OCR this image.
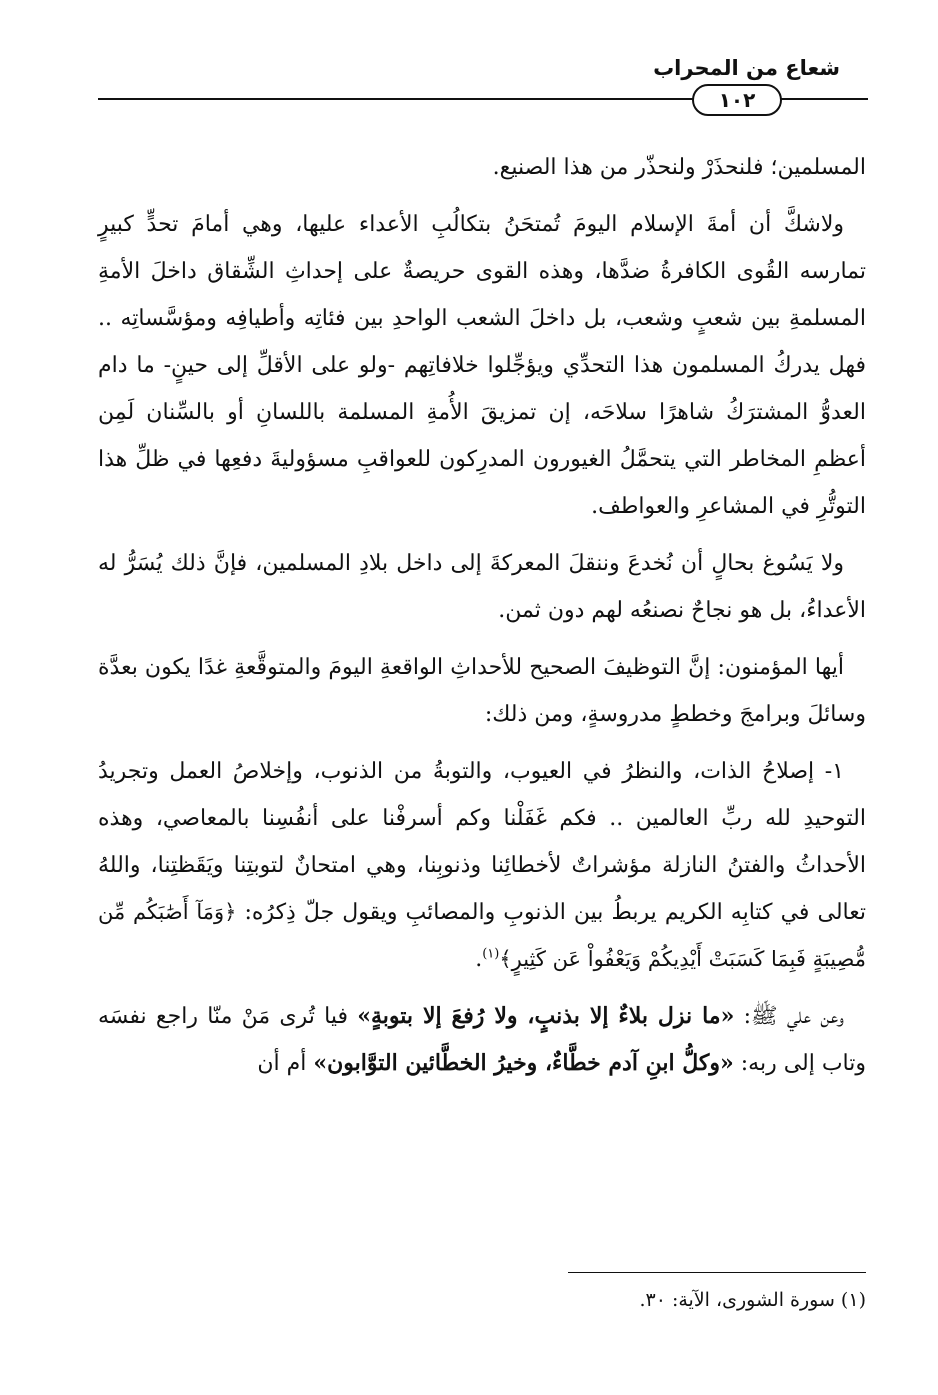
شعاع من المحراب
١٠٢

المسلمين؛ فلنحذَرْ ولنحذّر من هذا الصنيع.

ولاشكَّ أن أمةَ الإسلام اليومَ تُمتحَنُ بتكالُبِ الأعداء عليها، وهي أمامَ تحدٍّ كبيرٍ تمارسه القُوى الكافرةُ ضدَّها، وهذه القوى حريصةٌ على إحداثِ الشِّقاق داخلَ الأمةِ المسلمةِ بين شعبٍ وشعب، بل داخلَ الشعب الواحدِ بين فئاتِه وأطيافِه ومؤسَّساتِه .. فهل يدركُ المسلمون هذا التحدِّي ويؤجِّلوا خلافاتِهم -ولو على الأقلِّ إلى حينٍ- ما دام العدوُّ المشترَكُ شاهرًا سلاحَه، إن تمزيقَ الأُمةِ المسلمة باللسانِ أو بالسِّنان لَمِن أعظمِ المخاطر التي يتحمَّلُ الغيورون المدرِكون للعواقبِ مسؤوليةَ دفعِها في ظلِّ هذا التوتُّرِ في المشاعرِ والعواطف.

ولا يَسُوغ بحالٍ أن نُخدعَ وننقلَ المعركةَ إلى داخل بلادِ المسلمين، فإنَّ ذلك يُسَرُّ له الأعداءُ، بل هو نجاحٌ نصنعُه لهم دون ثمن.

أيها المؤمنون: إنَّ التوظيفَ الصحيح للأحداثِ الواقعةِ اليومَ والمتوقَّعةِ غدًا يكون بعدَّة وسائلَ وبرامجَ وخططٍ مدروسةٍ، ومن ذلك:

١- إصلاحُ الذات، والنظرُ في العيوب، والتوبةُ من الذنوب، وإخلاصُ العمل وتجريدُ التوحيدِ لله ربِّ العالمين .. فكم غَفَلْنا وكم أسرفْنا على أنفُسِنا بالمعاصي، وهذه الأحداثُ والفتنُ النازلة مؤشراتٌ لأخطائِنا وذنوبِنا، وهي امتحانٌ لتوبتِنا ويَقَظتِنا، واللهُ تعالى في كتابِه الكريم يربطُ بين الذنوبِ والمصائبِ ويقول جلّ ذِكرُه: ﴿وَمَآ أَصَٰبَكُم مِّن مُّصِيبَةٍ فَبِمَا كَسَبَتْ أَيْدِيكُمْ وَيَعْفُواْ عَن كَثِيرٍ﴾$^{(١)}$.

وعن علي ﷺ: «ما نزل بلاءٌ إلا بذنبٍ، ولا رُفعَ إلا بتوبةٍ» فيا تُرى مَنْ منّا راجع نفسَه وتاب إلى ربه: «وكلُّ ابنِ آدم خطَّاءٌ، وخيرُ الخطَّائين التوَّابون» أم أن

(١) سورة الشورى، الآية: ٣٠.
